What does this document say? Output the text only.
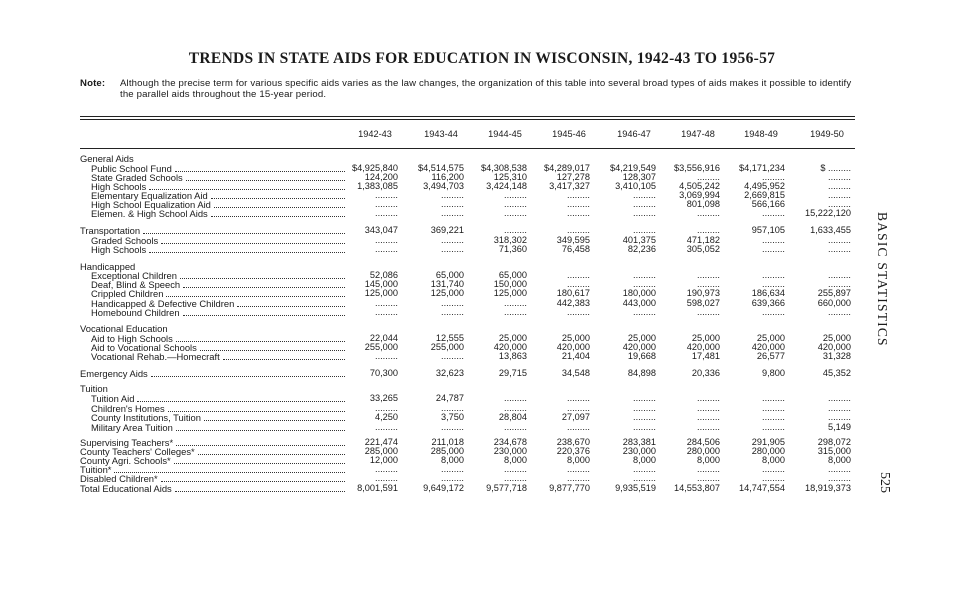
TRENDS IN STATE AIDS FOR EDUCATION IN WISCONSIN, 1942-43 TO 1956-57
Note:	Although the precise term for various specific aids varies as the law changes, the organization of this table into several broad types of aids makes it possible to identify the parallel aids throughout the 15-year period.
1942-43	1943-44	1944-45	1945-46	1946-47	1947-48	1948-49	1949-50
General Aids
Public School Fund	$4,925,840	$4,514,575	$4,308,538	$4,289,017	$4,219,549	$3,556,916	$4,171,234	$ .........
State Graded Schools	124,200	116,200	125,310	127,278	128,307	.........	.........	.........
High Schools	1,383,085	3,494,703	3,424,148	3,417,327	3,410,105	4,505,242	4,495,952	.........
Elementary Equalization Aid	.........	.........	.........	.........	.........	3,069,994	2,669,815	.........
High School Equalization Aid	.........	.........	.........	.........	.........	801,098	566,166	.........
Elemen. & High School Aids	.........	.........	.........	.........	.........	.........	.........	15,222,120
Transportation	343,047	369,221	.........	.........	.........	.........	957,105	1,633,455
Graded Schools	.........	.........	318,302	349,595	401,375	471,182	.........	.........
High Schools	.........	.........	71,360	76,458	82,236	305,052	.........	.........
Handicapped
Exceptional Children	52,086	65,000	65,000	.........	.........	.........	.........	.........
Deaf, Blind & Speech	145,000	131,740	150,000	.........	.........	.........	.........	.........
Crippled Children	125,000	125,000	125,000	180,617	180,000	190,973	186,634	255,897
Handicapped & Defective Children	.........	.........	.........	442,383	443,000	598,027	639,366	660,000
Homebound Children	.........	.........	.........	.........	.........	.........	.........	.........
Vocational Education
Aid to High Schools	22,044	12,555	25,000	25,000	25,000	25,000	25,000	25,000
Aid to Vocational Schools	255,000	255,000	420,000	420,000	420,000	420,000	420,000	420,000
Vocational Rehab.—Homecraft	.........	.........	13,863	21,404	19,668	17,481	26,577	31,328
Emergency Aids	70,300	32,623	29,715	34,548	84,898	20,336	9,800	45,352
Tuition
Tuition Aid	33,265	24,787	.........	.........	.........	.........	.........	.........
Children's Homes	.........	.........	.........	.........	.........	.........	.........	.........
County Institutions, Tuition	4,250	3,750	28,804	27,097	.........	.........	.........	.........
Military Area Tuition	.........	.........	.........	.........	.........	.........	.........	5,149
Supervising Teachers*	221,474	211,018	234,678	238,670	283,381	284,506	291,905	298,072
County Teachers' Colleges*	285,000	285,000	230,000	220,376	230,000	280,000	280,000	315,000
County Agri. Schools*	12,000	8,000	8,000	8,000	8,000	8,000	8,000	8,000
Tuition*	.........	.........	.........	.........	.........	.........	.........	.........
Disabled Children*	.........	.........	.........	.........	.........	.........	.........	.........
Total Educational Aids	8,001,591	9,649,172	9,577,718	9,877,770	9,935,519	14,553,807	14,747,554	18,919,373
BASIC STATISTICS
525
